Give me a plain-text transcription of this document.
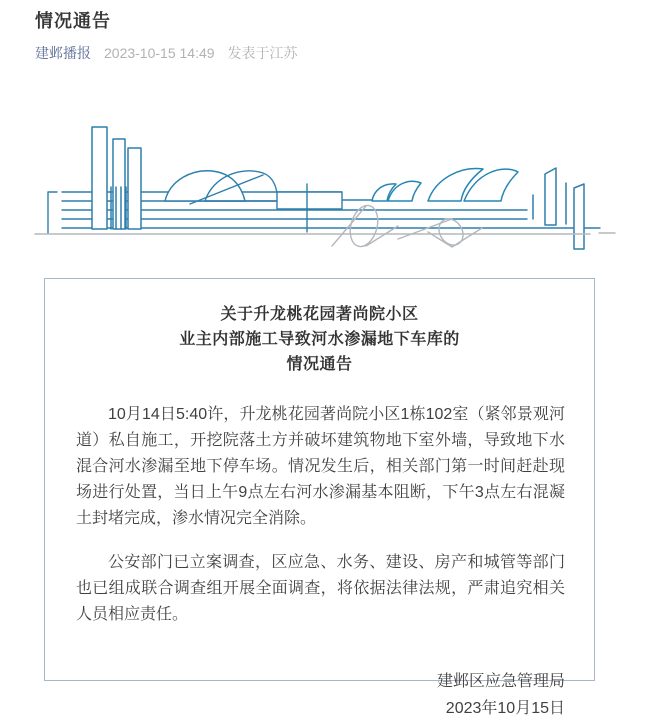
情况通告
建邺播报 2023-10-15 14:49 发表于江苏
关于升龙桃花园著尚院小区
业主内部施工导致河水渗漏地下车库的
情况通告

10月14日5:40许，升龙桃花园著尚院小区1栋102室（紧邻景观河道）私自施工，开挖院落土方并破坏建筑物地下室外墙，导致地下水混合河水渗漏至地下停车场。情况发生后，相关部门第一时间赶赴现场进行处置，当日上午9点左右河水渗漏基本阻断，下午3点左右混凝土封堵完成，渗水情况完全消除。

公安部门已立案调查，区应急、水务、建设、房产和城管等部门也已组成联合调查组开展全面调查，将依据法律法规，严肃追究相关人员相应责任。

建邺区应急管理局
2023年10月15日
